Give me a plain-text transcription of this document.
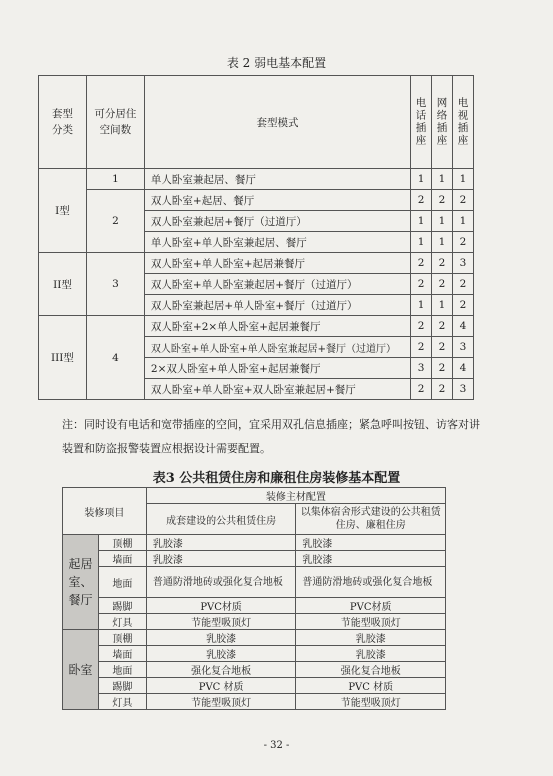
表 2 弱电基本配置
套型分类	可分居住空间数	套型模式	电话插座	网络插座	电视插座

I型	1	单人卧室兼起居、餐厅	1	1	1
	2	双人卧室+起居、餐厅	2	2	2
		双人卧室兼起居+餐厅（过道厅）	1	1	1
		单人卧室+单人卧室兼起居、餐厅	1	1	2
II型	3	双人卧室+单人卧室+起居兼餐厅	2	2	3
		双人卧室+单人卧室兼起居+餐厅（过道厅）	2	2	2
		双人卧室兼起居+单人卧室+餐厅（过道厅）	1	1	2
III型	4	双人卧室+2×单人卧室+起居兼餐厅	2	2	4
		双人卧室+单人卧室+单人卧室兼起居+餐厅（过道厅）	2	2	3
		2×双人卧室+单人卧室+起居兼餐厅	3	2	4
		双人卧室+单人卧室+双人卧室兼起居+餐厅	2	2	3
注：同时设有电话和宽带插座的空间，宜采用双孔信息插座；紧急呼叫按钮、访客对讲装置和防盗报警装置应根据设计需要配置。
表3 公共租赁住房和廉租住房装修基本配置
装修项目		装修主材配置	
		成套建设的公共租赁住房	以集体宿舍形式建设的公共租赁住房、廉租住房

起居室、餐厅	顶棚	乳胶漆	乳胶漆
	墙面	乳胶漆	乳胶漆
	地面	普通防滑地砖或强化复合地板	普通防滑地砖或强化复合地板
	踢脚	PVC材质	PVC材质
	灯具	节能型吸顶灯	节能型吸顶灯
卧室	顶棚	乳胶漆	乳胶漆
	墙面	乳胶漆	乳胶漆
	地面	强化复合地板	强化复合地板
	踢脚	PVC 材质	PVC 材质
	灯具	节能型吸顶灯	节能型吸顶灯
- 32 -
